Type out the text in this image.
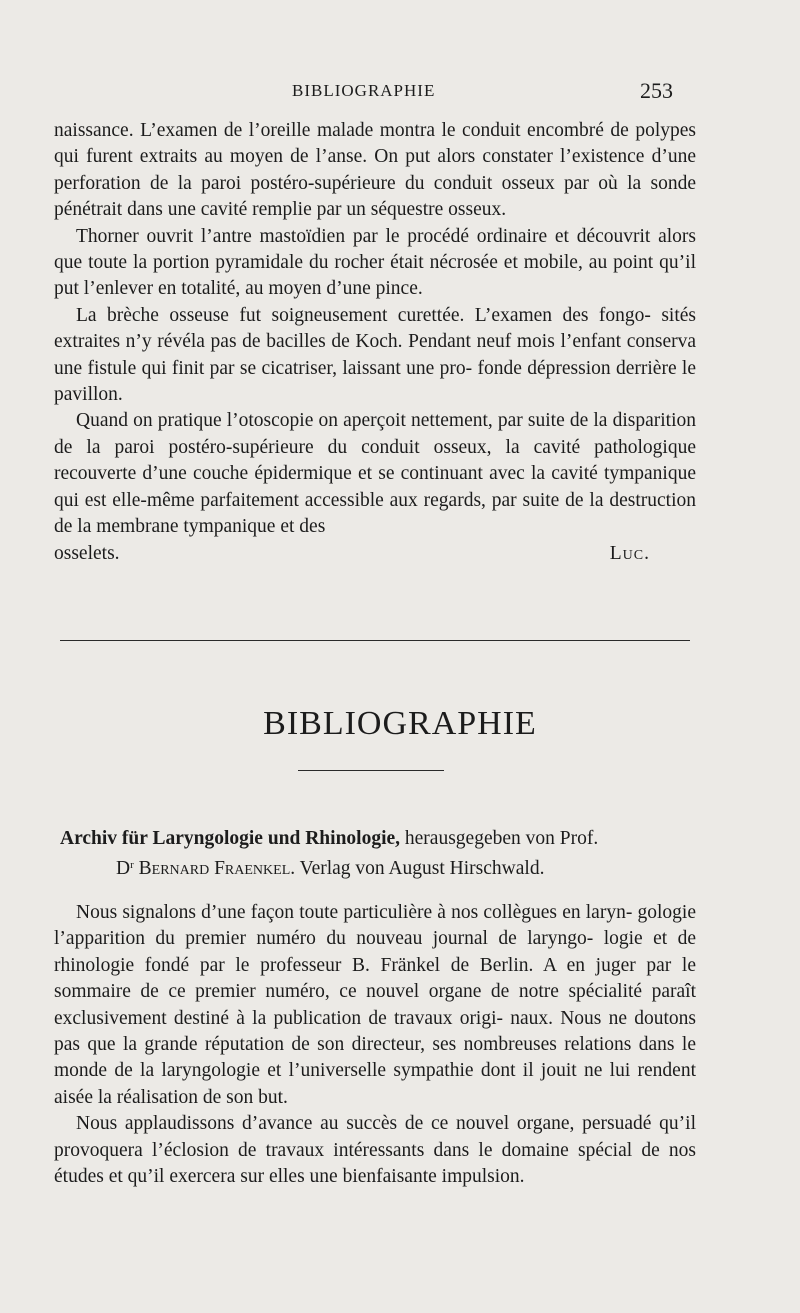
BIBLIOGRAPHIE	253

naissance. L’examen de l’oreille malade montra le conduit encombré de polypes qui furent extraits au moyen de l’anse. On put alors constater l’existence d’une perforation de la paroi postéro-supérieure du conduit osseux par où la sonde pénétrait dans une cavité remplie par un séquestre osseux.

Thorner ouvrit l’antre mastoïdien par le procédé ordinaire et découvrit alors que toute la portion pyramidale du rocher était nécrosée et mobile, au point qu’il put l’enlever en totalité, au moyen d’une pince.

La brèche osseuse fut soigneusement curettée. L’examen des fongo- sités extraites n’y révéla pas de bacilles de Koch. Pendant neuf mois l’enfant conserva une fistule qui finit par se cicatriser, laissant une pro- fonde dépression derrière le pavillon.

Quand on pratique l’otoscopie on aperçoit nettement, par suite de la disparition de la paroi postéro-supérieure du conduit osseux, la cavité pathologique recouverte d’une couche épidermique et se continuant avec la cavité tympanique qui est elle-même parfaitement accessible aux regards, par suite de la destruction de la membrane tympanique et des

osselets.	Luc.
BIBLIOGRAPHIE
Archiv für Laryngologie und Rhinologie, herausgegeben von Prof.
$D^r$ Bernard Fraenkel. Verlag von August Hirschwald.

Nous signalons d’une façon toute particulière à nos collègues en laryn- gologie l’apparition du premier numéro du nouveau journal de laryngo- logie et de rhinologie fondé par le professeur B. Fränkel de Berlin. A en juger par le sommaire de ce premier numéro, ce nouvel organe de notre spécialité paraît exclusivement destiné à la publication de travaux origi- naux. Nous ne doutons pas que la grande réputation de son directeur, ses nombreuses relations dans le monde de la laryngologie et l’universelle sympathie dont il jouit ne lui rendent aisée la réalisation de son but.

Nous applaudissons d’avance au succès de ce nouvel organe, persuadé qu’il provoquera l’éclosion de travaux intéressants dans le domaine spécial de nos études et qu’il exercera sur elles une bienfaisante impulsion.
